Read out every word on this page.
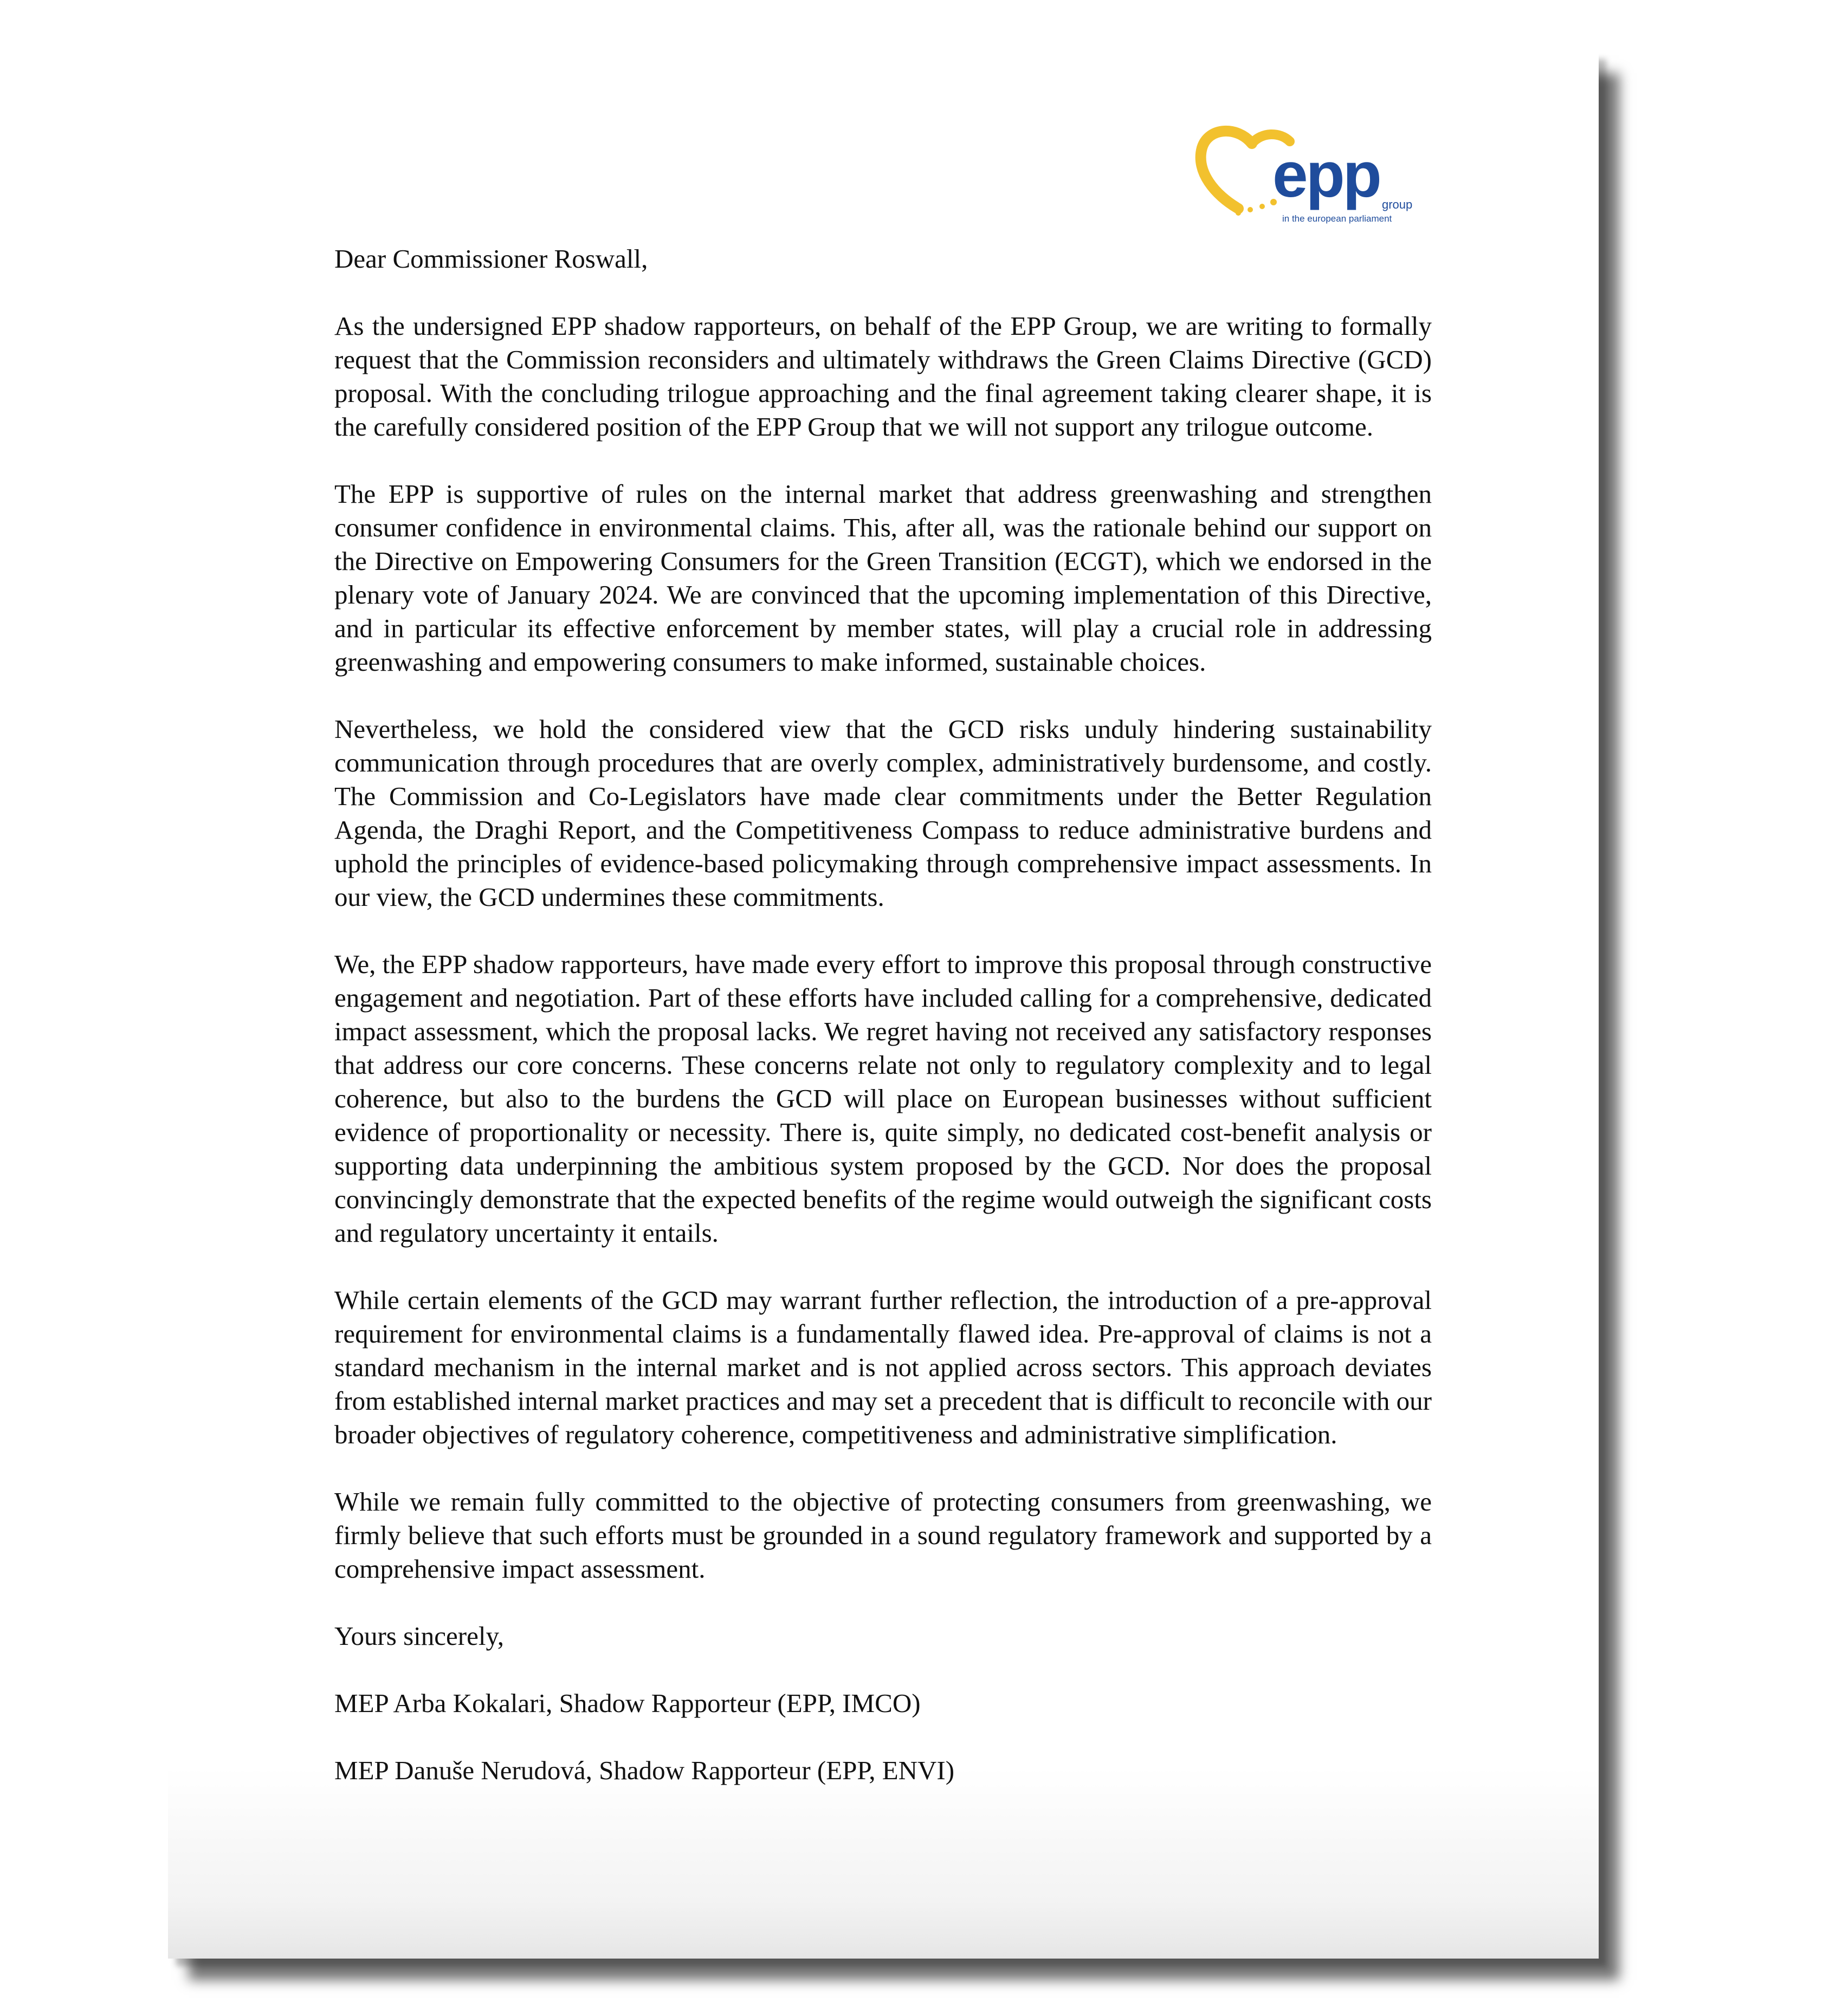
epp group
in the european parliament

Dear Commissioner Roswall,

As the undersigned EPP shadow rapporteurs, on behalf of the EPP Group, we are writing to formally request that the Commission reconsiders and ultimately withdraws the Green Claims Directive (GCD) proposal. With the concluding trilogue approaching and the final agreement taking clearer shape, it is the carefully considered position of the EPP Group that we will not support any trilogue outcome.

The EPP is supportive of rules on the internal market that address greenwashing and strengthen consumer confidence in environmental claims. This, after all, was the rationale behind our support on the Directive on Empowering Consumers for the Green Transition (ECGT), which we endorsed in the plenary vote of January 2024. We are convinced that the upcoming implementation of this Directive, and in particular its effective enforcement by member states, will play a crucial role in addressing greenwashing and empowering consumers to make informed, sustainable choices.

Nevertheless, we hold the considered view that the GCD risks unduly hindering sustainability communication through procedures that are overly complex, administratively burdensome, and costly. The Commission and Co-Legislators have made clear commitments under the Better Regulation Agenda, the Draghi Report, and the Competitiveness Compass to reduce administrative burdens and uphold the principles of evidence-based policymaking through comprehensive impact assessments. In our view, the GCD undermines these commitments.

We, the EPP shadow rapporteurs, have made every effort to improve this proposal through constructive engagement and negotiation. Part of these efforts have included calling for a comprehensive, dedicated impact assessment, which the proposal lacks. We regret having not received any satisfactory responses that address our core concerns. These concerns relate not only to regulatory complexity and to legal coherence, but also to the burdens the GCD will place on European businesses without sufficient evidence of proportionality or necessity. There is, quite simply, no dedicated cost-benefit analysis or supporting data underpinning the ambitious system proposed by the GCD. Nor does the proposal convincingly demonstrate that the expected benefits of the regime would outweigh the significant costs and regulatory uncertainty it entails.

While certain elements of the GCD may warrant further reflection, the introduction of a pre-approval requirement for environmental claims is a fundamentally flawed idea. Pre-approval of claims is not a standard mechanism in the internal market and is not applied across sectors. This approach deviates from established internal market practices and may set a precedent that is difficult to reconcile with our broader objectives of regulatory coherence, competitiveness and administrative simplification.

While we remain fully committed to the objective of protecting consumers from greenwashing, we firmly believe that such efforts must be grounded in a sound regulatory framework and supported by a comprehensive impact assessment.

Yours sincerely,

MEP Arba Kokalari, Shadow Rapporteur (EPP, IMCO)

MEP Danuše Nerudová, Shadow Rapporteur (EPP, ENVI)
